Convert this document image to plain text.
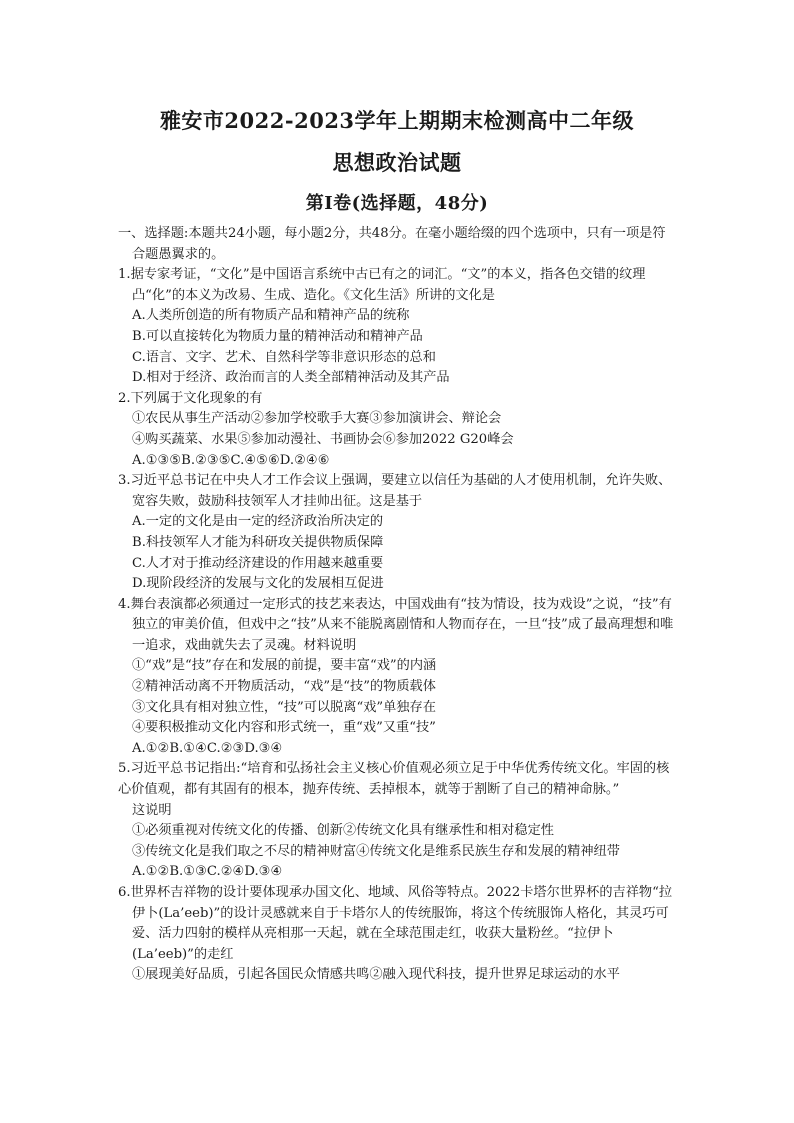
雅安市2022-2023学年上期期末检测高中二年级
思想政治试题
第Ⅰ卷(选择题，48分)

一、选择题:本题共24小题，每小题2分，共48分。在毫小题给缀的四个选项中，只有一项是符合题愚翼求的。

1.据专家考证，“文化”是中国语言系统中古已有之的词汇。“文”的本义，指各色交错的纹理凸“化”的本义为改易、生成、造化。《文化生活》所讲的文化是

A.人类所创造的所有物质产品和精神产品的统称

B.可以直接转化为物质力量的精神活动和精神产品

C.语言、文字、艺术、自然科学等非意识形态的总和

D.相对于经济、政治而言的人类全部精神活动及其产品

2.下列属于文化现象的有

①农民从事生产活动②参加学校歌手大赛③参加演讲会、辩论会

④购买蔬菜、水果⑤参加动漫社、书画协会⑥参加2022 G20峰会

A.①③⑤B.②③⑤C.④⑤⑥D.②④⑥

3.习近平总书记在中央人才工作会议上强调，要建立以信任为基础的人才使用机制，允许失败、宽容失败，鼓励科技领军人才挂帅出征。这是基于

A.一定的文化是由一定的经济政治所决定的

B.科技领军人才能为科研攻关提供物质保障

C.人才对于推动经济建设的作用越来越重要

D.现阶段经济的发展与文化的发展相互促进

4.舞台表演都必须通过一定形式的技艺来表达，中国戏曲有“技为情设，技为戏设”之说，“技”有独立的审美价值，但戏中之“技”从来不能脱离剧情和人物而存在，一旦“技”成了最高理想和唯一追求，戏曲就失去了灵魂。材料说明

①“戏”是“技”存在和发展的前提，要丰富“戏”的内涵

②精神活动离不开物质活动，“戏”是“技”的物质载体

③文化具有相对独立性，“技”可以脱离“戏”单独存在

④要积极推动文化内容和形式统一，重“戏”又重“技”

A.①②B.①④C.②③D.③④

5.习近平总书记指出:“培育和弘扬社会主义核心价值观必须立足于中华优秀传统文化。牢固的核心价值观，都有其固有的根本，抛弃传统、丢掉根本，就等于割断了自己的精神命脉。”

这说明

①必须重视对传统文化的传播、创新②传统文化具有继承性和相对稳定性

③传统文化是我们取之不尽的精神财富④传统文化是维系民族生存和发展的精神纽带

A.①②B.①③C.②④D.③④

6.世界杯吉祥物的设计要体现承办国文化、地域、风俗等特点。2022卡塔尔世界杯的吉祥物“拉伊卜(La’eeb)”的设计灵感就来自于卡塔尔人的传统服饰，将这个传统服饰人格化，其灵巧可爱、活力四射的模样从亮相那一天起，就在全球范围走红，收获大量粉丝。“拉伊卜(La’eeb)”的走红

①展现美好品质，引起各国民众情感共鸣②融入现代科技，提升世界足球运动的水平
